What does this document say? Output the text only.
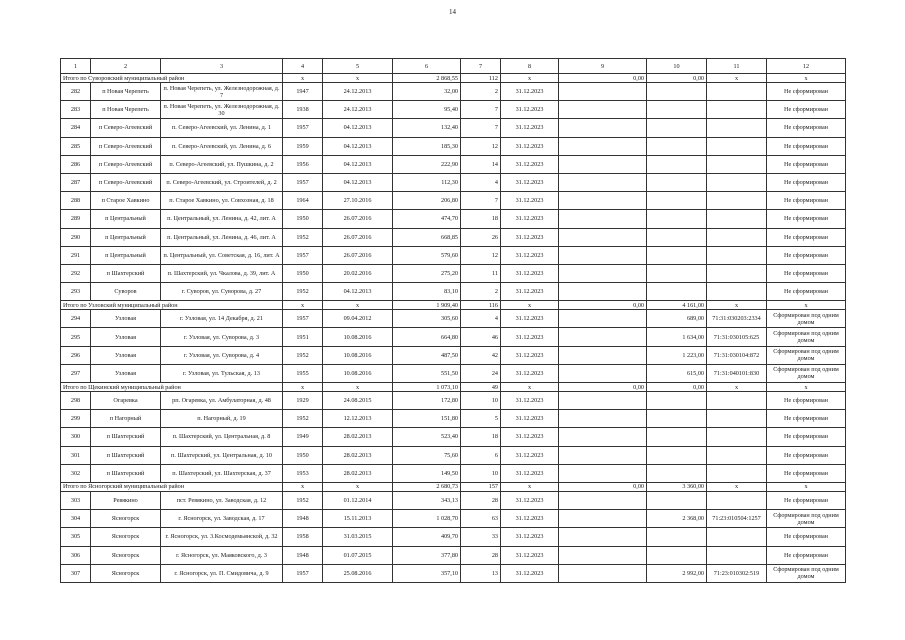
14
1	2	3	4	5	6	7	8	9	10	11	12
Итого по Суворовский муниципальный район			х	х	2 868,55	112	х	0,00	0,00	х	х
282	п Новая Черепеть	п. Новая Черепеть, ул. Железнодорожная, д. 7	1947	24.12.2013	32,00	2	31.12.2023				Не сформирован
283	п Новая Черепеть	п. Новая Черепеть, ул. Железнодорожная, д. 30	1938	24.12.2013	95,40	7	31.12.2023				Не сформирован
284	п Северо-Агеевский	п. Северо-Агеевский, ул. Ленина, д. 1	1957	04.12.2013	132,40	7	31.12.2023				Не сформирован
285	п Северо-Агеевский	п. Северо-Агеевский, ул. Ленина, д. 6	1959	04.12.2013	185,30	12	31.12.2023				Не сформирован
286	п Северо-Агеевский	п. Северо-Агеевский, ул. Пушкина, д. 2	1956	04.12.2013	222,90	14	31.12.2023				Не сформирован
287	п Северо-Агеевский	п. Северо-Агеевский, ул. Строителей, д. 2	1957	04.12.2013	112,30	4	31.12.2023				Не сформирован
288	п Старое Хавкино	п. Старое Хавкино, ул. Совхозная, д. 18	1964	27.10.2016	206,80	7	31.12.2023				Не сформирован
289	п Центральный	п. Центральный, ул. Ленина, д. 42, лит. А	1950	26.07.2016	474,70	18	31.12.2023				Не сформирован
290	п Центральный	п. Центральный, ул. Ленина, д. 46, лит. А	1952	26.07.2016	668,85	26	31.12.2023				Не сформирован
291	п Центральный	п. Центральный, ул. Советская, д. 16, лит. А	1957	26.07.2016	579,60	12	31.12.2023				Не сформирован
292	п Шахтерский	п. Шахтерский, ул. Чкалова, д. 39, лит. А	1950	20.02.2016	275,20	11	31.12.2023				Не сформирован
293	Суворов	г. Суворов, ул. Суворова, д. 27	1952	04.12.2013	83,10	2	31.12.2023				Не сформирован
Итого по Узловский муниципальный район			х	х	1 909,40	116	х	0,00	4 161,00	х	х
294	Узловая	г. Узловая, ул. 14 Декабря, д. 21	1957	09.04.2012	305,60	4	31.12.2023		689,00	71:31:030203:2334	Сформирован под одним домом
295	Узловая	г. Узловая, ул. Суворова, д. 3	1951	10.08.2016	664,80	46	31.12.2023		1 634,00	71:31:030105:625	Сформирован под одним домом
296	Узловая	г. Узловая, ул. Суворова, д. 4	1952	10.08.2016	487,50	42	31.12.2023		1 223,00	71:31:030104:872	Сформирован под одним домом
297	Узловая	г. Узловая, ул. Тульская, д. 13	1955	10.08.2016	551,50	24	31.12.2023		615,00	71:31:040101:830	Сформирован под одним домом
Итого по Щекинский муниципальный район			х	х	1 073,10	49	х	0,00	0,00	х	х
298	Огаревка	рп. Огаревка, ул. Амбулаторная, д. 48	1929	24.08.2015	172,80	10	31.12.2023				Не сформирован
299	п Нагорный	п. Нагорный, д. 19	1952	12.12.2013	151,80	5	31.12.2023				Не сформирован
300	п Шахтерский	п. Шахтерский, ул. Центральная, д. 8	1949	28.02.2013	523,40	18	31.12.2023				Не сформирован
301	п Шахтерский	п. Шахтерский, ул. Центральная, д. 10	1950	28.02.2013	75,60	6	31.12.2023				Не сформирован
302	п Шахтерский	п. Шахтерский, ул. Шахтерская, д. 37	1953	28.02.2013	149,50	10	31.12.2023				Не сформирован
Итого по Ясногорский муниципальный район			х	х	2 680,73	157	х	0,00	3 360,00	х	х
303	Ревякино	пст. Ревякино, ул. Заводская, д. 12	1952	01.12.2014	343,13	28	31.12.2023				Не сформирован
304	Ясногорск	г. Ясногорск, ул. Заводская, д. 17	1948	15.11.2013	1 028,70	63	31.12.2023		2 368,00	71:23:010504:1257	Сформирован под одним домом
305	Ясногорск	г. Ясногорск, ул. 3.Космодемьянской, д. 32	1958	31.03.2015	409,70	33	31.12.2023				Не сформирован
306	Ясногорск	г. Ясногорск, ул. Маяковского, д. 3	1948	01.07.2015	377,80	28	31.12.2023				Не сформирован
307	Ясногорск	г. Ясногорск, ул. П. Смидовича, д. 9	1957	25.08.2016	357,10	13	31.12.2023		2 992,00	71:23:010302:519	Сформирован под одним домом
